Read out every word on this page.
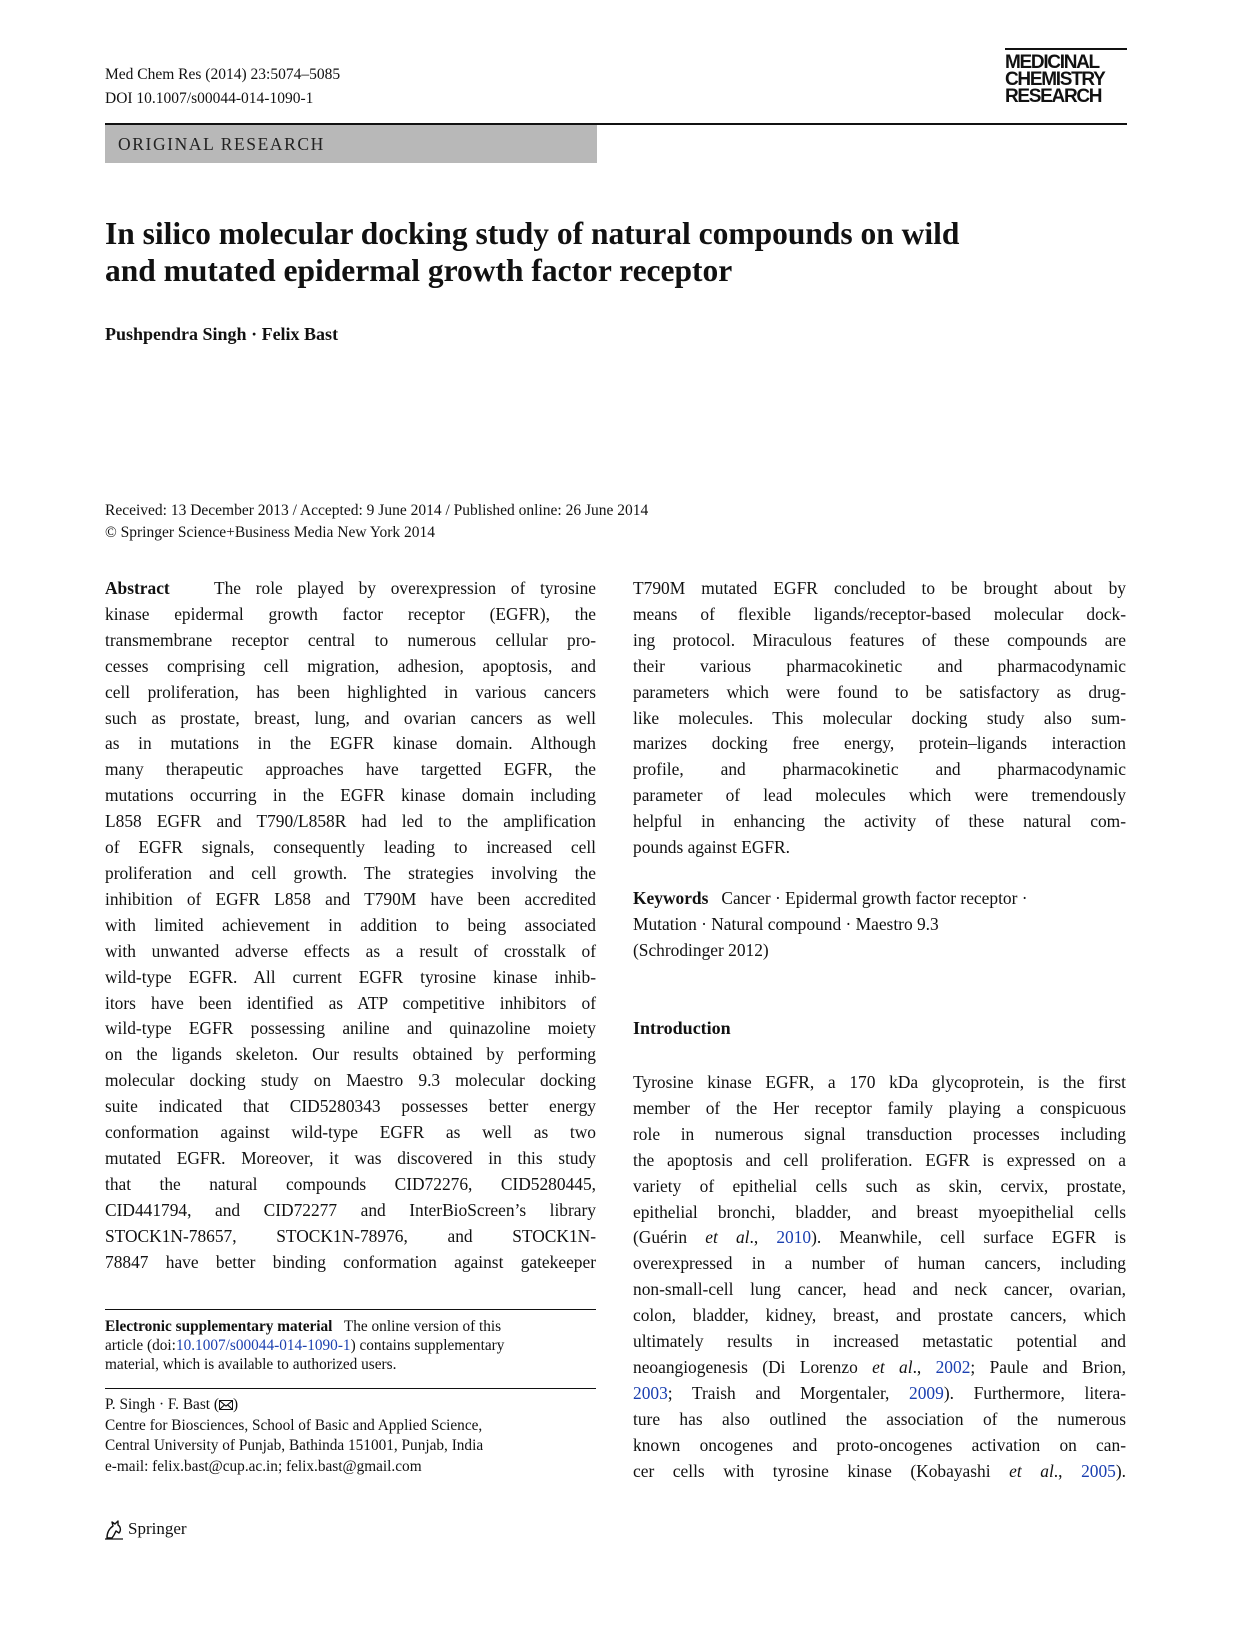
Med Chem Res (2014) 23:5074–5085
DOI 10.1007/s00044-014-1090-1
MEDICINAL
CHEMISTRY
RESEARCH
ORIGINAL RESEARCH
In silico molecular docking study of natural compounds on wild
and mutated epidermal growth factor receptor
Pushpendra Singh · Felix Bast
Received: 13 December 2013 / Accepted: 9 June 2014 / Published online: 26 June 2014
© Springer Science+Business Media New York 2014
Abstract	The role played by overexpression of tyrosine
kinase epidermal growth factor receptor (EGFR), the
transmembrane receptor central to numerous cellular pro-
cesses comprising cell migration, adhesion, apoptosis, and
cell proliferation, has been highlighted in various cancers
such as prostate, breast, lung, and ovarian cancers as well
as in mutations in the EGFR kinase domain. Although
many therapeutic approaches have targetted EGFR, the
mutations occurring in the EGFR kinase domain including
L858 EGFR and T790/L858R had led to the amplification
of EGFR signals, consequently leading to increased cell
proliferation and cell growth. The strategies involving the
inhibition of EGFR L858 and T790M have been accredited
with limited achievement in addition to being associated
with unwanted adverse effects as a result of crosstalk of
wild-type EGFR. All current EGFR tyrosine kinase inhib-
itors have been identified as ATP competitive inhibitors of
wild-type EGFR possessing aniline and quinazoline moiety
on the ligands skeleton. Our results obtained by performing
molecular docking study on Maestro 9.3 molecular docking
suite indicated that CID5280343 possesses better energy
conformation against wild-type EGFR as well as two
mutated EGFR. Moreover, it was discovered in this study
that the natural compounds CID72276, CID5280445,
CID441794, and CID72277 and InterBioScreen’s library
STOCK1N-78657, STOCK1N-78976, and STOCK1N-
78847 have better binding conformation against gatekeeper
T790M mutated EGFR concluded to be brought about by
means of flexible ligands/receptor-based molecular dock-
ing protocol. Miraculous features of these compounds are
their various pharmacokinetic and pharmacodynamic
parameters which were found to be satisfactory as drug-
like molecules. This molecular docking study also sum-
marizes docking free energy, protein–ligands interaction
profile, and pharmacokinetic and pharmacodynamic
parameter of lead molecules which were tremendously
helpful in enhancing the activity of these natural com-
pounds against EGFR.
Keywords Cancer · Epidermal growth factor receptor ·
Mutation · Natural compound · Maestro 9.3
(Schrodinger 2012)
Introduction
Tyrosine kinase EGFR, a 170 kDa glycoprotein, is the first
member of the Her receptor family playing a conspicuous
role in numerous signal transduction processes including
the apoptosis and cell proliferation. EGFR is expressed on a
variety of epithelial cells such as skin, cervix, prostate,
epithelial bronchi, bladder, and breast myoepithelial cells
(Guérin et al., 2010). Meanwhile, cell surface EGFR is
overexpressed in a number of human cancers, including
non-small-cell lung cancer, head and neck cancer, ovarian,
colon, bladder, kidney, breast, and prostate cancers, which
ultimately results in increased metastatic potential and
neoangiogenesis (Di Lorenzo et al., 2002; Paule and Brion,
2003; Traish and Morgentaler, 2009). Furthermore, litera-
ture has also outlined the association of the numerous
known oncogenes and proto-oncogenes activation on can-
cer cells with tyrosine kinase (Kobayashi et al., 2005).
Electronic supplementary material The online version of this
article (doi:10.1007/s00044-014-1090-1) contains supplementary
material, which is available to authorized users.
P. Singh · F. Bast ( )
Centre for Biosciences, School of Basic and Applied Science,
Central University of Punjab, Bathinda 151001, Punjab, India
e-mail: felix.bast@cup.ac.in; felix.bast@gmail.com
Springer
